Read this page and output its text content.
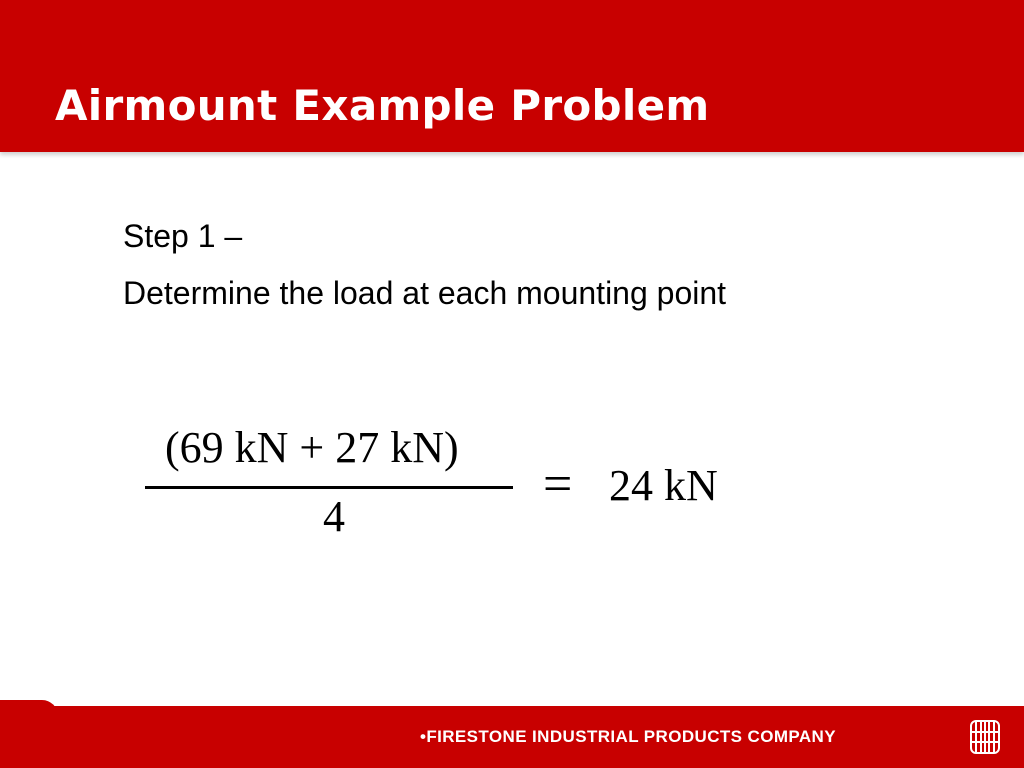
Airmount Example Problem
Step 1 –
Determine the load at each mounting point
(69 kN + 27 kN)
4
= 24 kN
•FIRESTONE INDUSTRIAL PRODUCTS COMPANY
